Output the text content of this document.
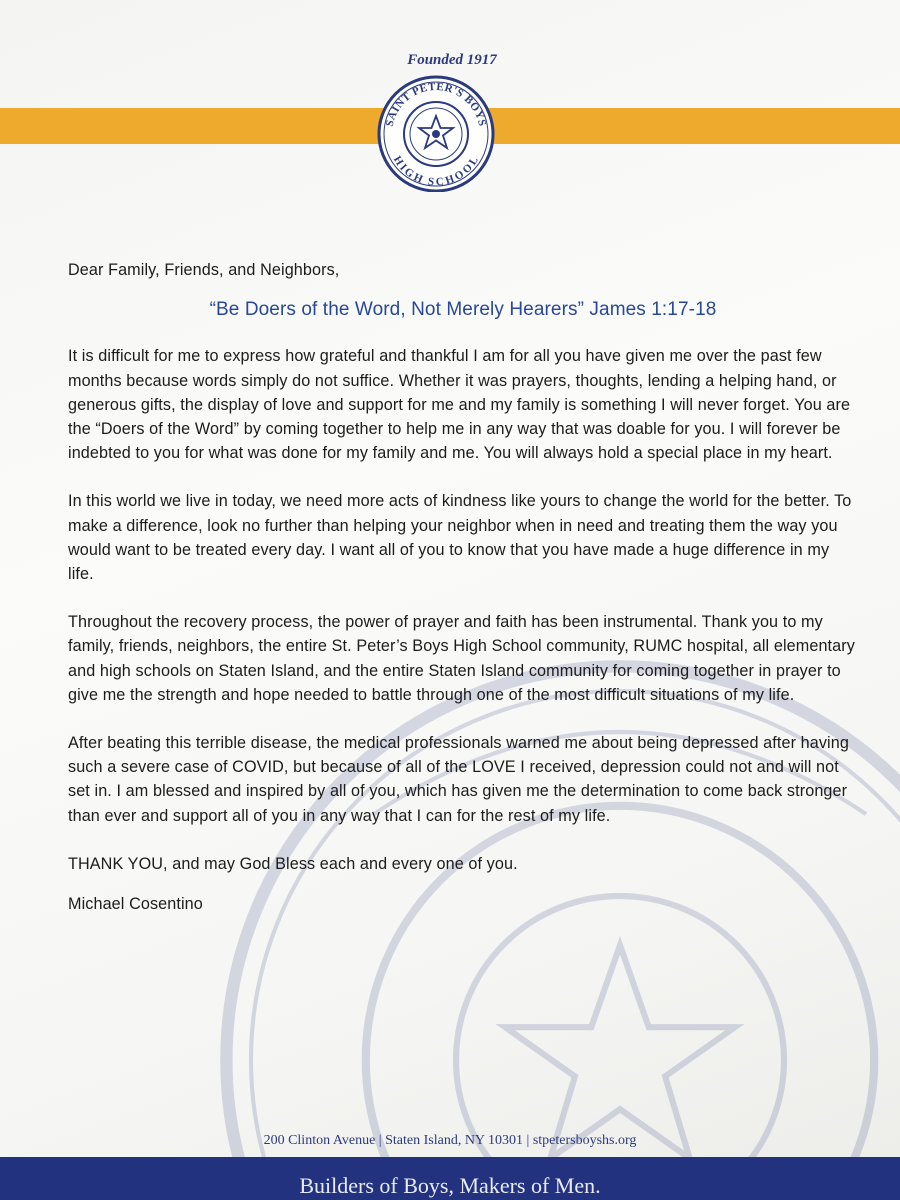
Founded 1917
SAINT PETER'S BOYS
HIGH SCHOOL

Dear Family, Friends, and Neighbors,

“Be Doers of the Word, Not Merely Hearers” James 1:17-18

It is difficult for me to express how grateful and thankful I am for all you have given me over the past few months because words simply do not suffice. Whether it was prayers, thoughts, lending a helping hand, or generous gifts, the display of love and support for me and my family is something I will never forget. You are the “Doers of the Word” by coming together to help me in any way that was doable for you. I will forever be indebted to you for what was done for my family and me. You will always hold a special place in my heart.

In this world we live in today, we need more acts of kindness like yours to change the world for the better. To make a difference, look no further than helping your neighbor when in need and treating them the way you would want to be treated every day. I want all of you to know that you have made a huge difference in my life.

Throughout the recovery process, the power of prayer and faith has been instrumental. Thank you to my family, friends, neighbors, the entire St. Peter’s Boys High School community, RUMC hospital, all elementary and high schools on Staten Island, and the entire Staten Island community for coming together in prayer to give me the strength and hope needed to battle through one of the most difficult situations of my life.

After beating this terrible disease, the medical professionals warned me about being depressed after having such a severe case of COVID, but because of all of the LOVE I received, depression could not and will not set in. I am blessed and inspired by all of you, which has given me the determination to come back stronger than ever and support all of you in any way that I can for the rest of my life.

THANK YOU, and may God Bless each and every one of you.

Michael Cosentino

200 Clinton Avenue | Staten Island, NY 10301 | stpetersboyshs.org
Builders of Boys, Makers of Men.
